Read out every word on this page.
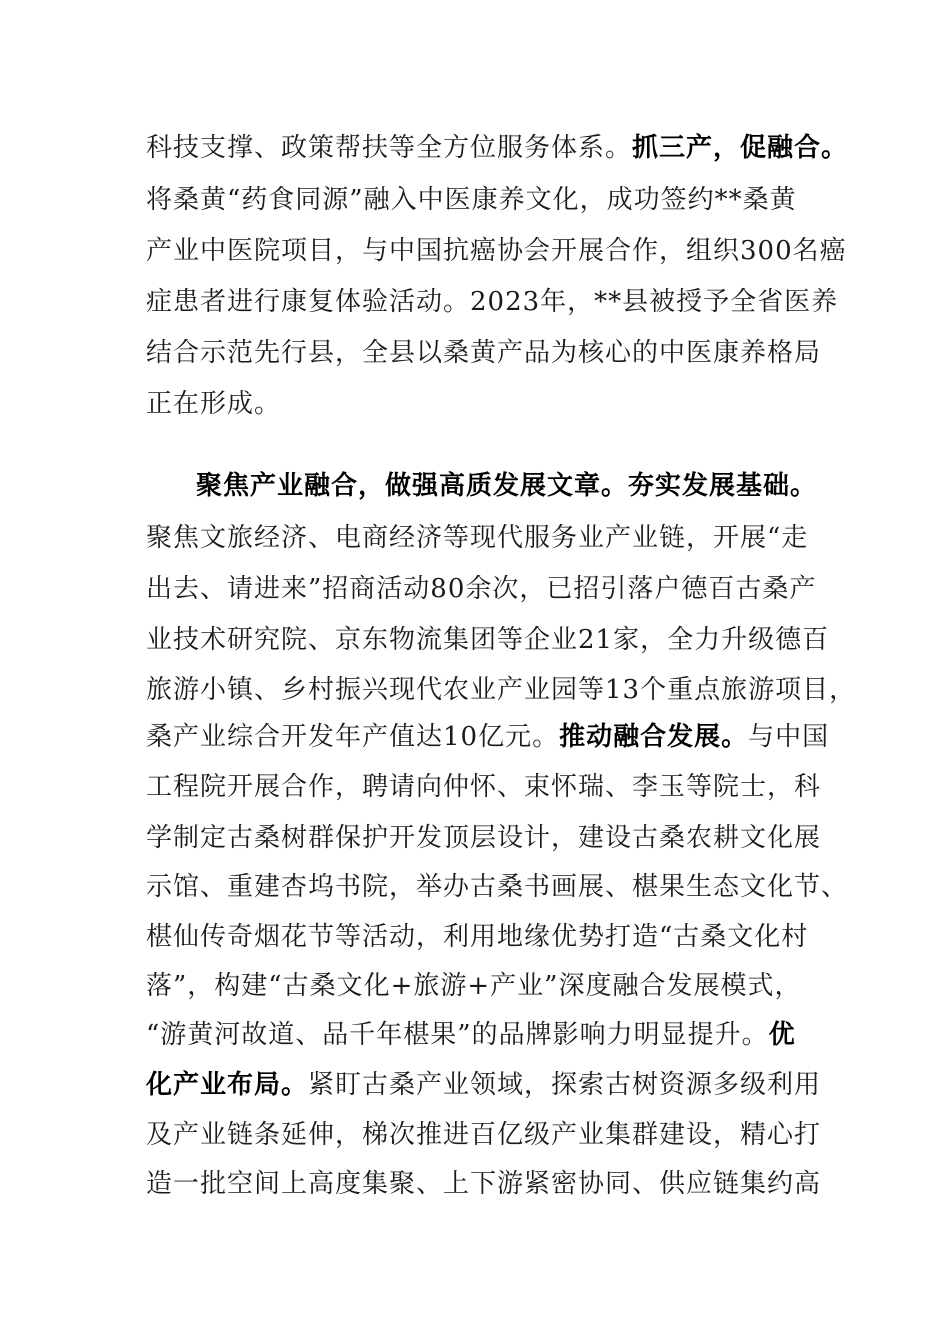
科技支撑、政策帮扶等全方位服务体系。抓三产，促融合。
将桑黄“药食同源”融入中医康养文化，成功签约**桑黄
产业中医院项目，与中国抗癌协会开展合作，组织300名癌
症患者进行康复体验活动。2023年，**县被授予全省医养
结合示范先行县，全县以桑黄产品为核心的中医康养格局
正在形成。
聚焦产业融合，做强高质发展文章。夯实发展基础。
聚焦文旅经济、电商经济等现代服务业产业链，开展“走
出去、请进来”招商活动80余次，已招引落户德百古桑产
业技术研究院、京东物流集团等企业21家，全力升级德百
旅游小镇、乡村振兴现代农业产业园等13个重点旅游项目，
桑产业综合开发年产值达10亿元。推动融合发展。与中国
工程院开展合作，聘请向仲怀、束怀瑞、李玉等院士，科
学制定古桑树群保护开发顶层设计，建设古桑农耕文化展
示馆、重建杏坞书院，举办古桑书画展、椹果生态文化节、
椹仙传奇烟花节等活动，利用地缘优势打造“古桑文化村
落”，构建“古桑文化+旅游+产业”深度融合发展模式，
“游黄河故道、品千年椹果”的品牌影响力明显提升。优
化产业布局。紧盯古桑产业领域，探索古树资源多级利用
及产业链条延伸，梯次推进百亿级产业集群建设，精心打
造一批空间上高度集聚、上下游紧密协同、供应链集约高
